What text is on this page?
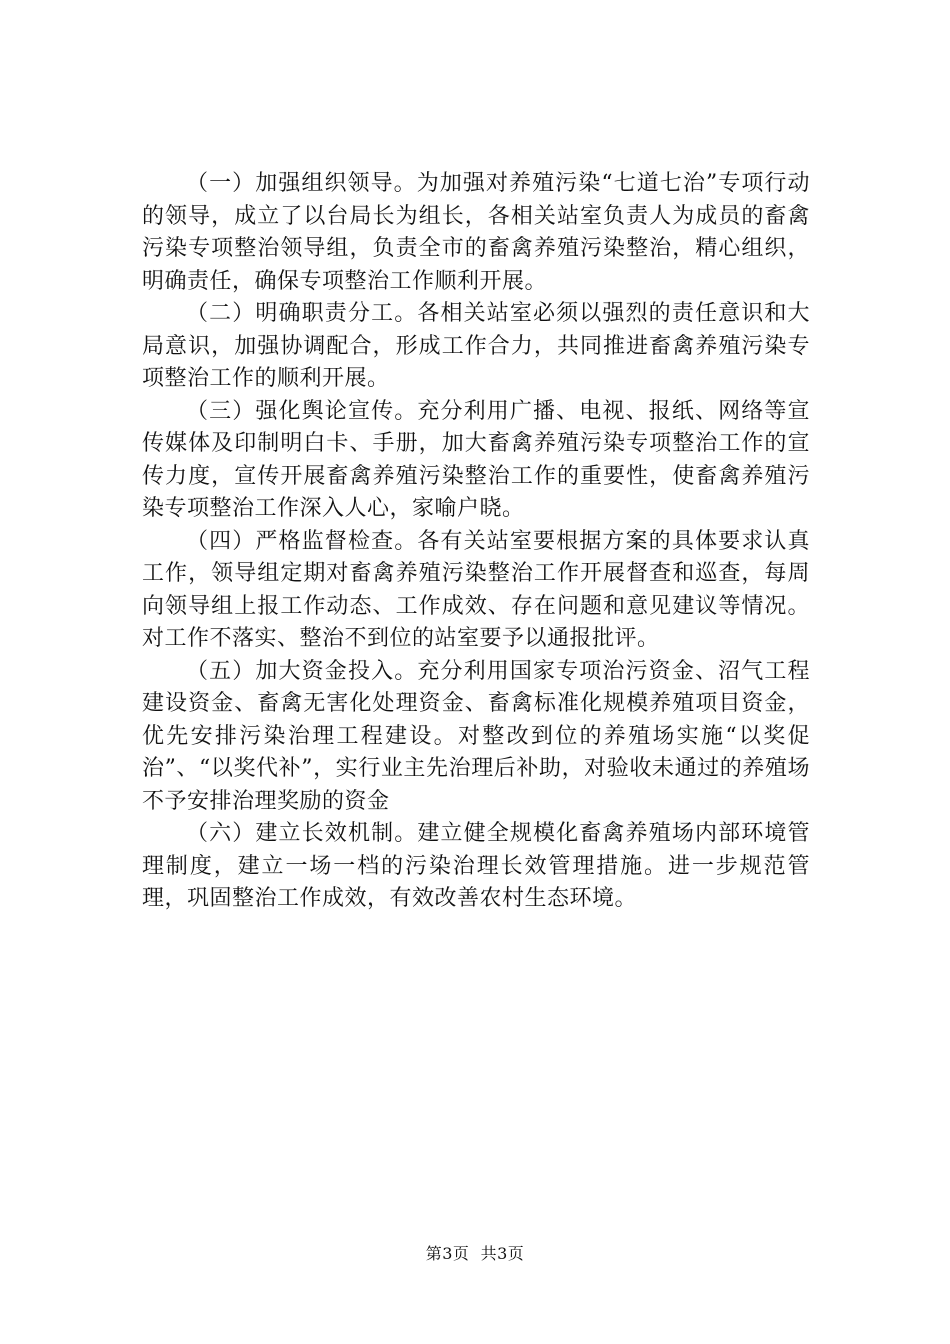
（一）加强组织领导。为加强对养殖污染“七道七治”专项行动的领导，成立了以台局长为组长，各相关站室负责人为成员的畜禽污染专项整治领导组，负责全市的畜禽养殖污染整治，精心组织，明确责任，确保专项整治工作顺利开展。

（二）明确职责分工。各相关站室必须以强烈的责任意识和大局意识，加强协调配合，形成工作合力，共同推进畜禽养殖污染专项整治工作的顺利开展。

（三）强化舆论宣传。充分利用广播、电视、报纸、网络等宣传媒体及印制明白卡、手册，加大畜禽养殖污染专项整治工作的宣传力度，宣传开展畜禽养殖污染整治工作的重要性，使畜禽养殖污染专项整治工作深入人心，家喻户晓。

（四）严格监督检查。各有关站室要根据方案的具体要求认真工作，领导组定期对畜禽养殖污染整治工作开展督查和巡查，每周向领导组上报工作动态、工作成效、存在问题和意见建议等情况。对工作不落实、整治不到位的站室要予以通报批评。

（五）加大资金投入。充分利用国家专项治污资金、沼气工程建设资金、畜禽无害化处理资金、畜禽标准化规模养殖项目资金，优先安排污染治理工程建设。对整改到位的养殖场实施“以奖促治”、“以奖代补”，实行业主先治理后补助，对验收未通过的养殖场不予安排治理奖励的资金

（六）建立长效机制。建立健全规模化畜禽养殖场内部环境管理制度，建立一场一档的污染治理长效管理措施。进一步规范管理，巩固整治工作成效，有效改善农村生态环境。

第3页 共3页
